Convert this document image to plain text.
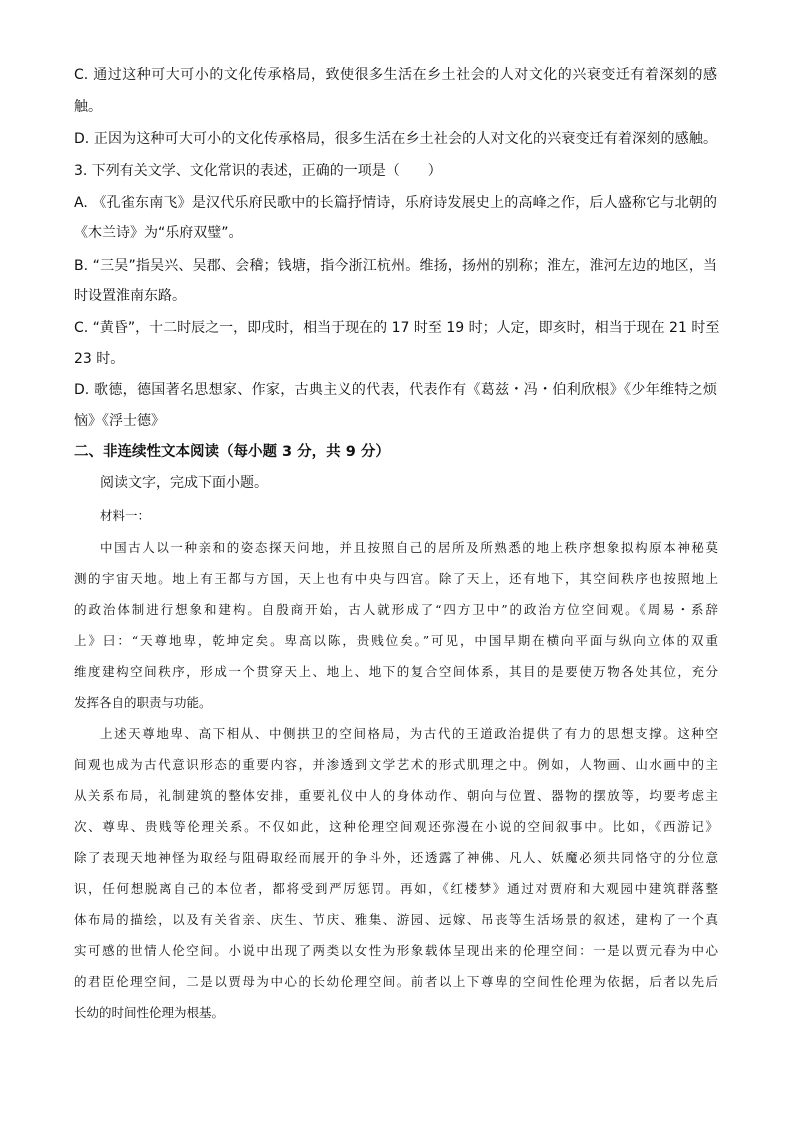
C. 通过这种可大可小的文化传承格局，致使很多生活在乡土社会的人对文化的兴衰变迁有着深刻的感
触。
D. 正因为这种可大可小的文化传承格局，很多生活在乡土社会的人对文化的兴衰变迁有着深刻的感触。
3. 下列有关文学、文化常识的表述，正确的一项是（　　）
A. 《孔雀东南飞》是汉代乐府民歌中的长篇抒情诗，乐府诗发展史上的高峰之作，后人盛称它与北朝的
《木兰诗》为“乐府双璧”。
B. “三吴”指吴兴、吴郡、会稽；钱塘，指今浙江杭州。维扬，扬州的别称；淮左，淮河左边的地区，当
时设置淮南东路。
C. “黄昏”，十二时辰之一，即戌时，相当于现在的 17 时至 19 时；人定，即亥时，相当于现在 21 时至
23 时。
D. 歌德，德国著名思想家、作家，古典主义的代表，代表作有《葛兹・冯・伯利欣根》《少年维特之烦
恼》《浮士德》
二、非连续性文本阅读（每小题 3 分，共 9 分）
阅读文字，完成下面小题。
材料一：
中国古人以一种亲和的姿态探天问地，并且按照自己的居所及所熟悉的地上秩序想象拟构原本神秘莫
测的宇宙天地。地上有王都与方国，天上也有中央与四宫。除了天上，还有地下，其空间秩序也按照地上
的政治体制进行想象和建构。自殷商开始，古人就形成了“四方卫中”的政治方位空间观。《周易・系辞
上》曰：“天尊地卑，乾坤定矣。卑高以陈，贵贱位矣。”可见，中国早期在横向平面与纵向立体的双重
维度建构空间秩序，形成一个贯穿天上、地上、地下的复合空间体系，其目的是要使万物各处其位，充分
发挥各自的职责与功能。
上述天尊地卑、高下相从、中侧拱卫的空间格局，为古代的王道政治提供了有力的思想支撑。这种空
间观也成为古代意识形态的重要内容，并渗透到文学艺术的形式肌理之中。例如，人物画、山水画中的主
从关系布局，礼制建筑的整体安排，重要礼仪中人的身体动作、朝向与位置、器物的摆放等，均要考虑主
次、尊卑、贵贱等伦理关系。不仅如此，这种伦理空间观还弥漫在小说的空间叙事中。比如，《西游记》
除了表现天地神怪为取经与阻碍取经而展开的争斗外，还透露了神佛、凡人、妖魔必须共同恪守的分位意
识，任何想脱离自己的本位者，都将受到严厉惩罚。再如，《红楼梦》通过对贾府和大观园中建筑群落整
体布局的描绘，以及有关省亲、庆生、节庆、雅集、游园、远嫁、吊丧等生活场景的叙述，建构了一个真
实可感的世情人伦空间。小说中出现了两类以女性为形象载体呈现出来的伦理空间：一是以贾元春为中心
的君臣伦理空间，二是以贾母为中心的长幼伦理空间。前者以上下尊卑的空间性伦理为依据，后者以先后
长幼的时间性伦理为根基。
